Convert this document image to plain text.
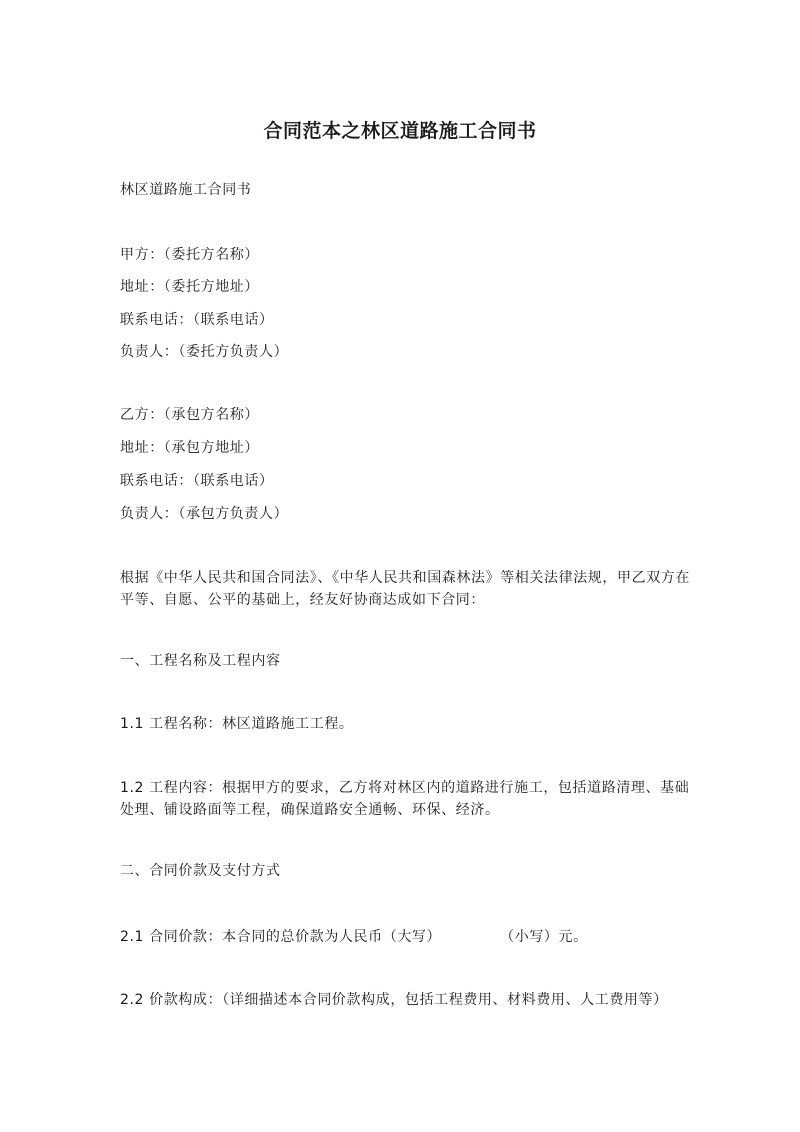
合同范本之林区道路施工合同书
林区道路施工合同书
甲方：（委托方名称）
地址：（委托方地址）
联系电话：（联系电话）
负责人：（委托方负责人）
乙方：（承包方名称）
地址：（承包方地址）
联系电话：（联系电话）
负责人：（承包方负责人）
根据《中华人民共和国合同法》、《中华人民共和国森林法》等相关法律法规，甲乙双方在平等、自愿、公平的基础上，经友好协商达成如下合同：
一、工程名称及工程内容
1.1 工程名称：林区道路施工工程。
1.2 工程内容：根据甲方的要求，乙方将对林区内的道路进行施工，包括道路清理、基础处理、铺设路面等工程，确保道路安全通畅、环保、经济。
二、合同价款及支付方式
2.1 合同价款：本合同的总价款为人民币（大写）　　　　　（小写）元。
2.2 价款构成：（详细描述本合同价款构成，包括工程费用、材料费用、人工费用等）
